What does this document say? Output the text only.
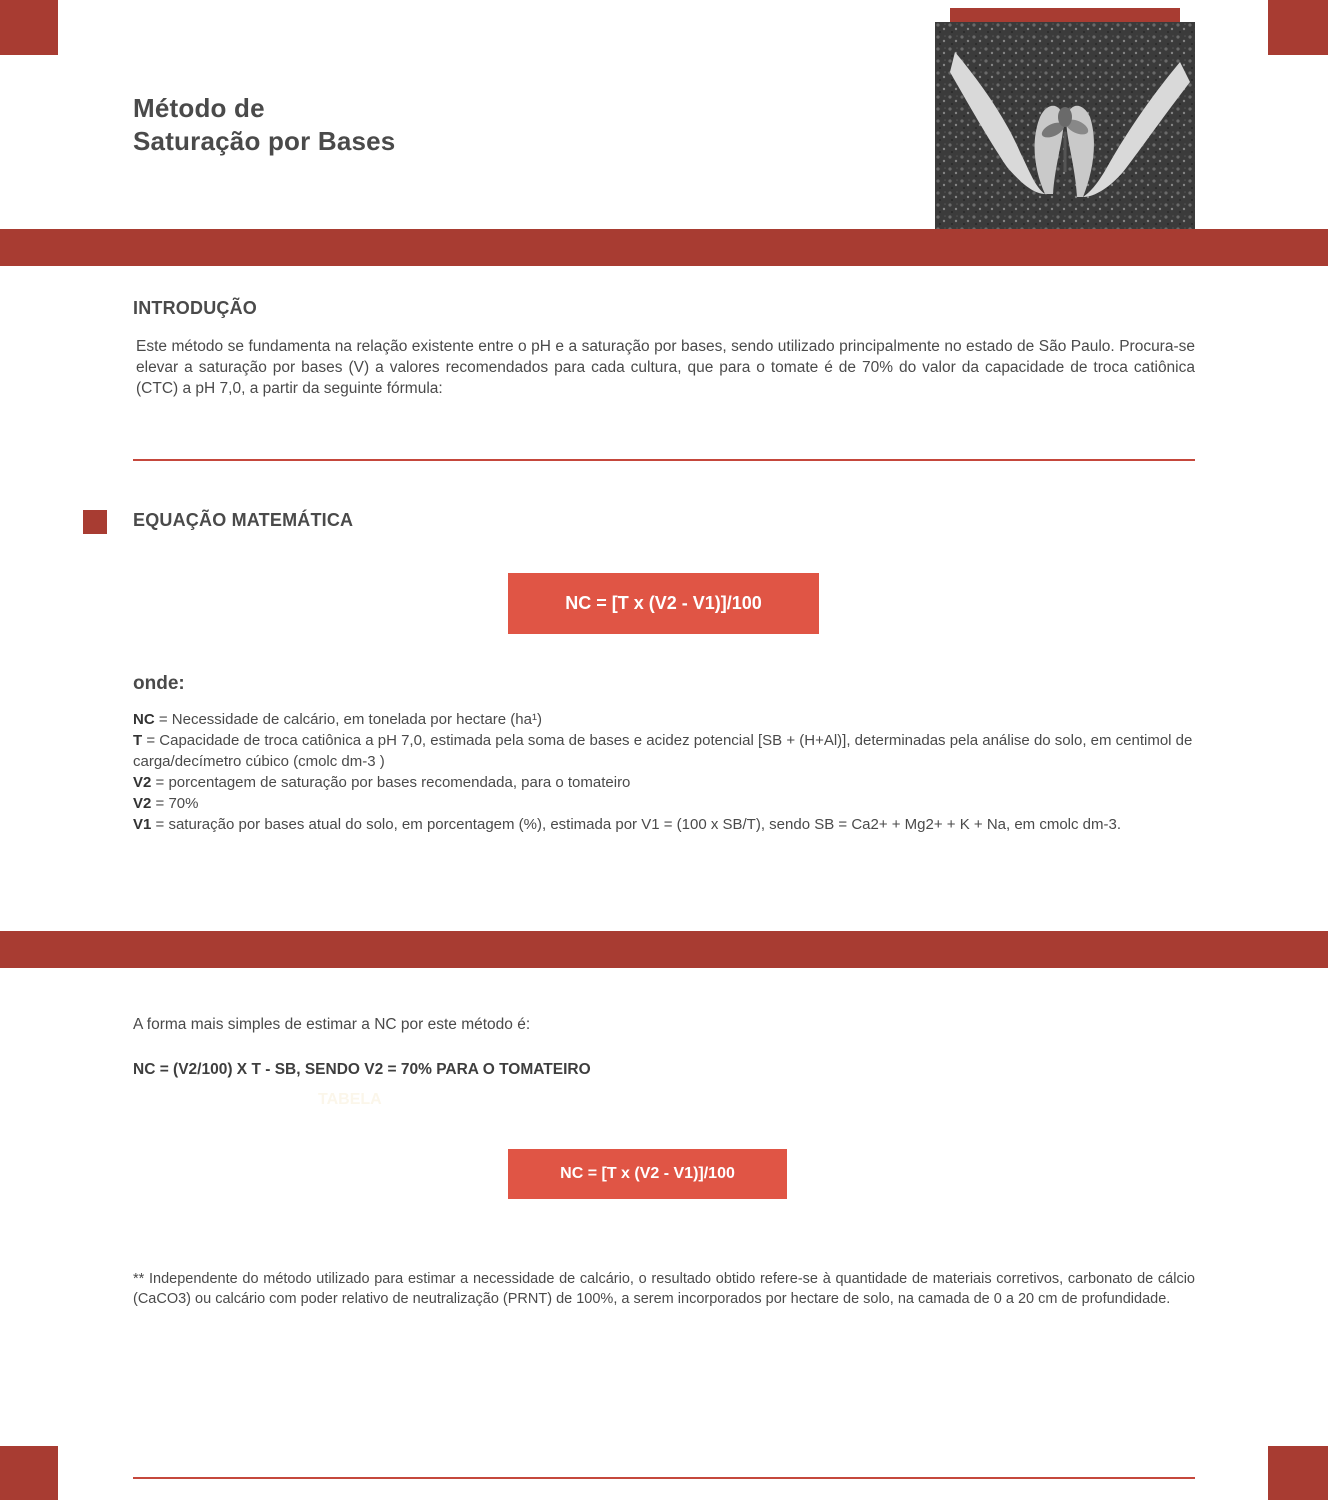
Método de
Saturação por Bases
INTRODUÇÃO

Este método se fundamenta na relação existente entre o pH e a saturação por bases, sendo utilizado principalmente no estado de São Paulo. Procura-se elevar a saturação por bases (V) a valores recomendados para cada cultura, que para o tomate é de 70% do valor da capacidade de troca catiônica (CTC) a pH 7,0, a partir da seguinte fórmula:

EQUAÇÃO MATEMÁTICA
NC = [T x (V2 - V1)]/100

onde:

NC = Necessidade de calcário, em tonelada por hectare (ha¹)

T = Capacidade de troca catiônica a pH 7,0, estimada pela soma de bases e acidez potencial [SB + (H+Al)], determinadas pela análise do solo, em centimol de carga/decímetro cúbico (cmolc dm-3 )

V2 = porcentagem de saturação por bases recomendada, para o tomateiro

V2 = 70%

V1 = saturação por bases atual do solo, em porcentagem (%), estimada por V1 = (100 x SB/T), sendo SB = Ca2+ + Mg2+ + K + Na, em cmolc dm-3.

A forma mais simples de estimar a NC por este método é:

NC = (V2/100) X T - SB, SENDO V2 = 70% PARA O TOMATEIRO

TABELA

NC = [T x (V2 - V1)]/100

** Independente do método utilizado para estimar a necessidade de calcário, o resultado obtido refere-se à quantidade de materiais corretivos, carbonato de cálcio (CaCO3) ou calcário com poder relativo de neutralização (PRNT) de 100%, a serem incorporados por hectare de solo, na camada de 0 a 20 cm de profundidade.
